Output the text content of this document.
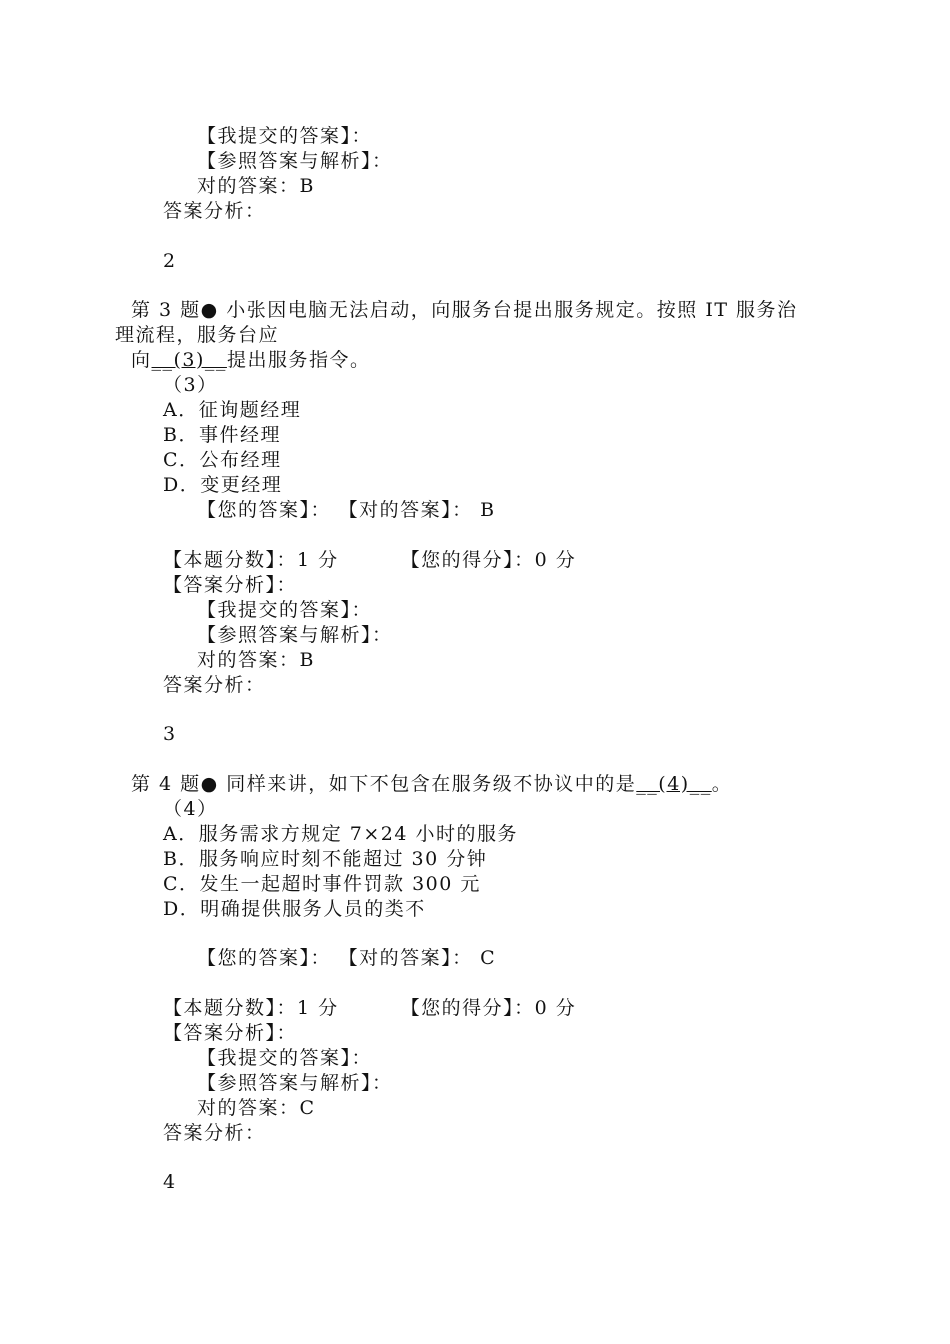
【我提交的答案】：
【参照答案与解析】：
对的答案：B
答案分析：
2
第 3 题● 小张因电脑无法启动，向服务台提出服务规定。按照 IT 服务治
理流程，服务台应
向__(3)__提出服务指令。
（3）
A．征询题经理
B．事件经理
C．公布经理
D．变更经理
【您的答案】： 【对的答案】： B
【本题分数】：1 分	【您的得分】：0 分
【答案分析】：
【我提交的答案】：
【参照答案与解析】：
对的答案：B
答案分析：
3
第 4 题● 同样来讲，如下不包含在服务级不协议中的是__(4)__。
（4）
A．服务需求方规定 7×24 小时的服务
B．服务响应时刻不能超过 30 分钟
C．发生一起超时事件罚款 300 元
D．明确提供服务人员的类不
【您的答案】： 【对的答案】： C
【本题分数】：1 分	【您的得分】：0 分
【答案分析】：
【我提交的答案】：
【参照答案与解析】：
对的答案：C
答案分析：
4
